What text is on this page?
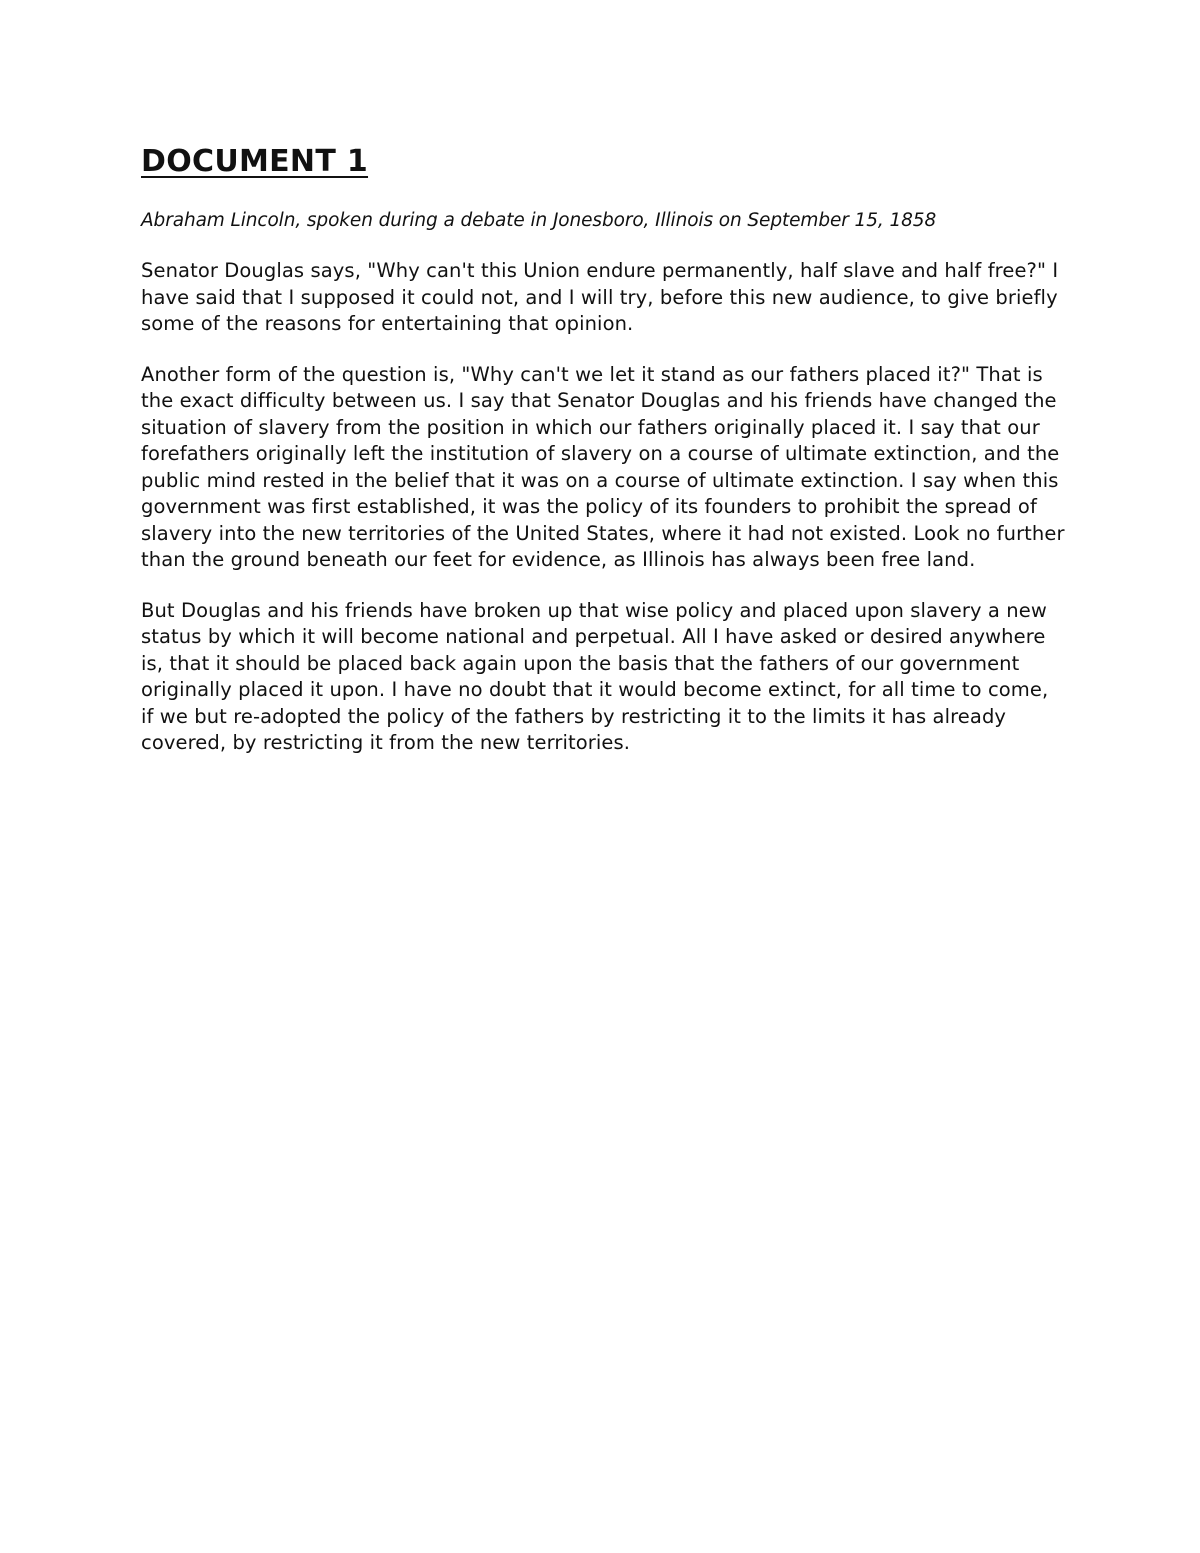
DOCUMENT 1

Abraham Lincoln, spoken during a debate in Jonesboro, Illinois on September 15, 1858

Senator Douglas says, "Why can't this Union endure permanently, half slave and half free?" I have said that I supposed it could not, and I will try, before this new audience, to give briefly some of the reasons for entertaining that opinion.

Another form of the question is, "Why can't we let it stand as our fathers placed it?" That is the exact difficulty between us. I say that Senator Douglas and his friends have changed the situation of slavery from the position in which our fathers originally placed it. I say that our forefathers originally left the institution of slavery on a course of ultimate extinction, and the public mind rested in the belief that it was on a course of ultimate extinction. I say when this government was first established, it was the policy of its founders to prohibit the spread of slavery into the new territories of the United States, where it had not existed. Look no further than the ground beneath our feet for evidence, as Illinois has always been free land.

But Douglas and his friends have broken up that wise policy and placed upon slavery a new status by which it will become national and perpetual. All I have asked or desired anywhere is, that it should be placed back again upon the basis that the fathers of our government originally placed it upon. I have no doubt that it would become extinct, for all time to come, if we but re-adopted the policy of the fathers by restricting it to the limits it has already covered, by restricting it from the new territories.
